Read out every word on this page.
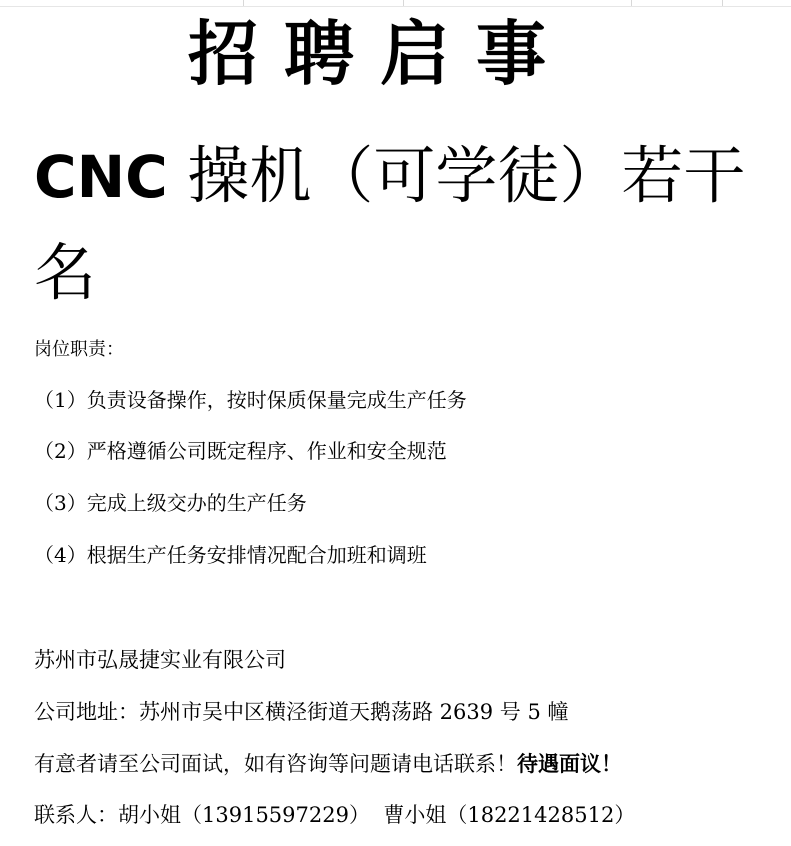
招聘启事
CNC 操机（可学徒）若干名
岗位职责：
（1）负责设备操作，按时保质保量完成生产任务
（2）严格遵循公司既定程序、作业和安全规范
（3）完成上级交办的生产任务
（4）根据生产任务安排情况配合加班和调班
苏州市弘晟捷实业有限公司
公司地址：苏州市吴中区横泾街道天鹅荡路 2639 号 5 幢
有意者请至公司面试，如有咨询等问题请电话联系！待遇面议！
联系人：胡小姐（13915597229） 曹小姐（18221428512）
